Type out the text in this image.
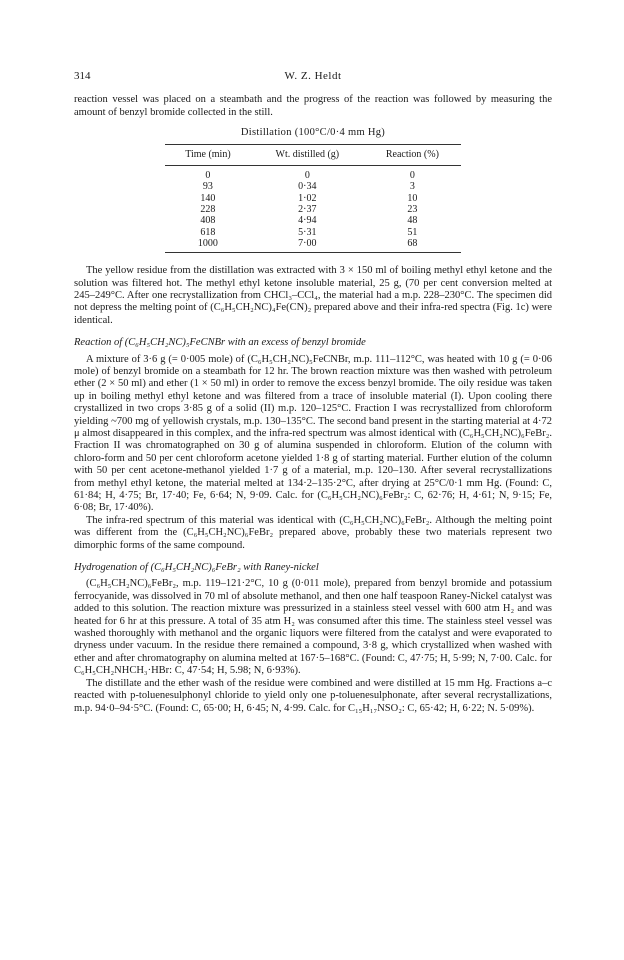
314	W. Z. Heldt

reaction vessel was placed on a steambath and the progress of the reaction was followed by measuring the amount of benzyl bromide collected in the still.

Distillation (100°C/0·4 mm Hg)
Time (min)	Wt. distilled (g)	Reaction (%)
0	0	0
93	0·34	3
140	1·02	10
228	2·37	23
408	4·94	48
618	5·31	51
1000	7·00	68

The yellow residue from the distillation was extracted with 3 × 150 ml of boiling methyl ethyl ketone and the solution was filtered hot. The methyl ethyl ketone insoluble material, 25 g, (70 per cent conversion melted at 245–249°C. After one recrystallization from CHCl₃–CCl₄, the material had a m.p. 228–230°C. The specimen did not depress the melting point of (C₆H₅CH₂NC)₄Fe(CN)₂ prepared above and their infra-red spectra (Fig. 1c) were identical.

Reaction of (C₆H₅CH₂NC)₅FeCNBr with an excess of benzyl bromide

A mixture of 3·6 g (= 0·005 mole) of (C₆H₅CH₂NC)₅FeCNBr, m.p. 111–112°C, was heated with 10 g (= 0·06 mole) of benzyl bromide on a steambath for 12 hr. The brown reaction mixture was then washed with petroleum ether (2 × 50 ml) and ether (1 × 50 ml) in order to remove the excess benzyl bromide. The oily residue was taken up in boiling methyl ethyl ketone and was filtered from a trace of insoluble material (I). Upon cooling there crystallized in two crops 3·85 g of a solid (II) m.p. 120–125°C. Fraction I was recrystallized from chloroform yielding ~700 mg of yellowish crystals, m.p. 130–135°C. The second band present in the starting material at 4·72 μ almost disappeared in this complex, and the infra-red spectrum was almost identical with (C₆H₅CH₂NC)₆FeBr₂. Fraction II was chromatographed on 30 g of alumina suspended in chloroform. Elution of the column with chloro-form and 50 per cent chloroform acetone yielded 1·8 g of starting material. Further elution of the column with 50 per cent acetone-methanol yielded 1·7 g of a material, m.p. 120–130. After several recrystallizations from methyl ethyl ketone, the material melted at 134·2–135·2°C, after drying at 25°C/0·1 mm Hg. (Found: C, 61·84; H, 4·75; Br, 17·40; Fe, 6·64; N, 9·09. Calc. for (C₆H₅CH₂NC)₆FeBr₂: C, 62·76; H, 4·61; N, 9·15; Fe, 6·08; Br, 17·40%).

The infra-red spectrum of this material was identical with (C₆H₅CH₂NC)₆FeBr₂. Although the melting point was different from the (C₆H₅CH₂NC)₆FeBr₂ prepared above, probably these two materials represent two dimorphic forms of the same compound.

Hydrogenation of (C₆H₅CH₂NC)₆FeBr₂ with Raney-nickel

(C₆H₅CH₂NC)₆FeBr₂, m.p. 119–121·2°C, 10 g (0·011 mole), prepared from benzyl bromide and potassium ferrocyanide, was dissolved in 70 ml of absolute methanol, and then one half teaspoon Raney-Nickel catalyst was added to this solution. The reaction mixture was pressurized in a stainless steel vessel with 600 atm H₂ and was heated for 6 hr at this pressure. A total of 35 atm H₂ was consumed after this time. The stainless steel vessel was washed thoroughly with methanol and the organic liquors were filtered from the catalyst and were evaporated to dryness under vacuum. In the residue there remained a compound, 3·8 g, which crystallized when washed with ether and after chromatography on alumina melted at 167·5–168°C. (Found: C, 47·75; H, 5·99; N, 7·00. Calc. for C₆H₅CH₂NHCH₃·HBr: C, 47·54; H, 5.98; N, 6·93%).

The distillate and the ether wash of the residue were combined and were distilled at 15 mm Hg. Fractions a–c reacted with p-toluenesulphonyl chloride to yield only one p-toluenesulphonate, after several recrystallizations, m.p. 94·0–94·5°C. (Found: C, 65·00; H, 6·45; N, 4·99. Calc. for C₁₅H₁₇NSO₂: C, 65·42; H, 6·22; N. 5·09%).
